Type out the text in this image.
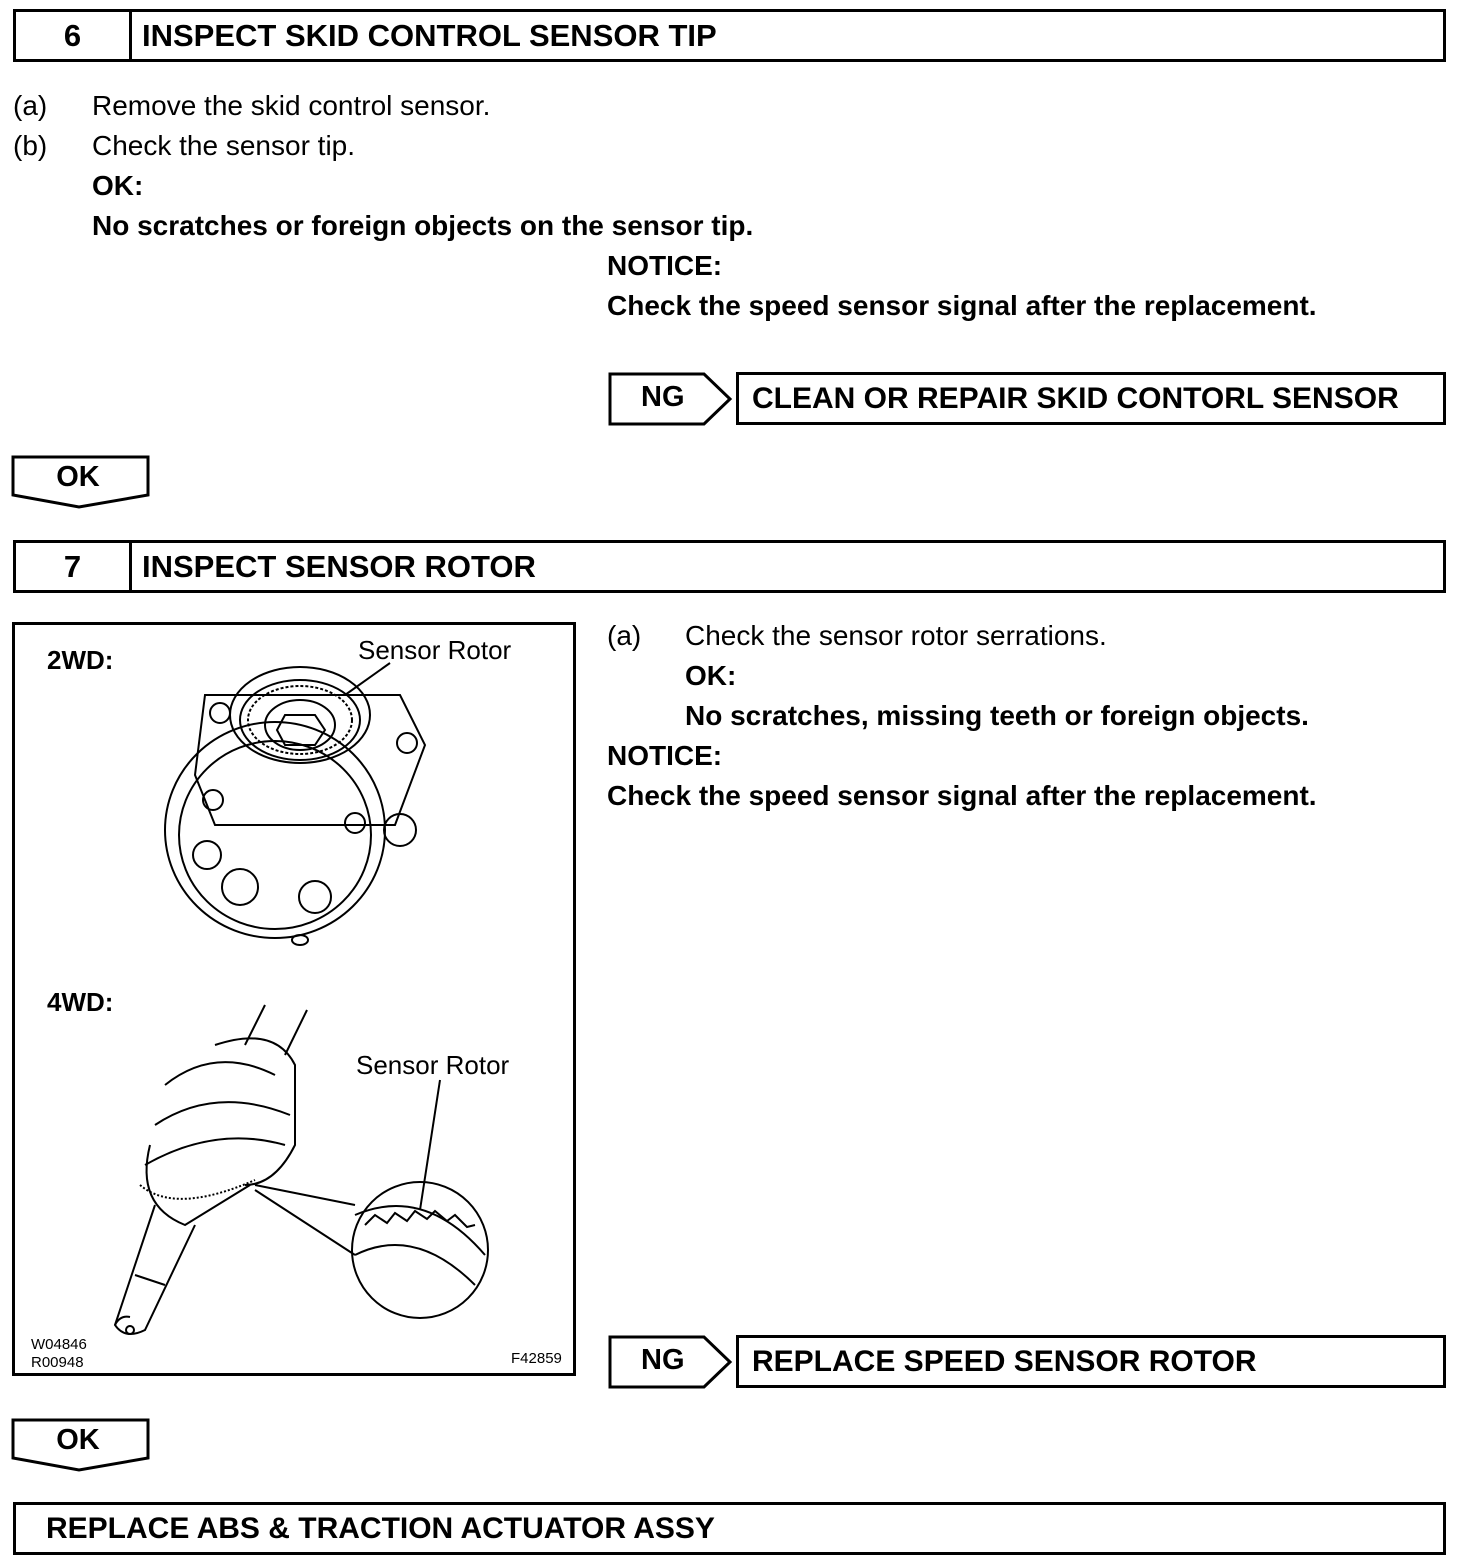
6	INSPECT SKID CONTROL SENSOR TIP
(a) Remove the skid control sensor.
(b) Check the sensor tip.
OK:
No scratches or foreign objects on the sensor tip.
NOTICE:
Check the speed sensor signal after the replacement.
NG	CLEAN OR REPAIR SKID CONTORL SENSOR
OK
7	INSPECT SENSOR ROTOR
2WD:	Sensor Rotor
4WD:
Sensor Rotor
W04846
R00948	F42859
(a) Check the sensor rotor serrations.
OK:
No scratches, missing teeth or foreign objects.
NOTICE:
Check the speed sensor signal after the replacement.
NG	REPLACE SPEED SENSOR ROTOR
OK
REPLACE ABS & TRACTION ACTUATOR ASSY
